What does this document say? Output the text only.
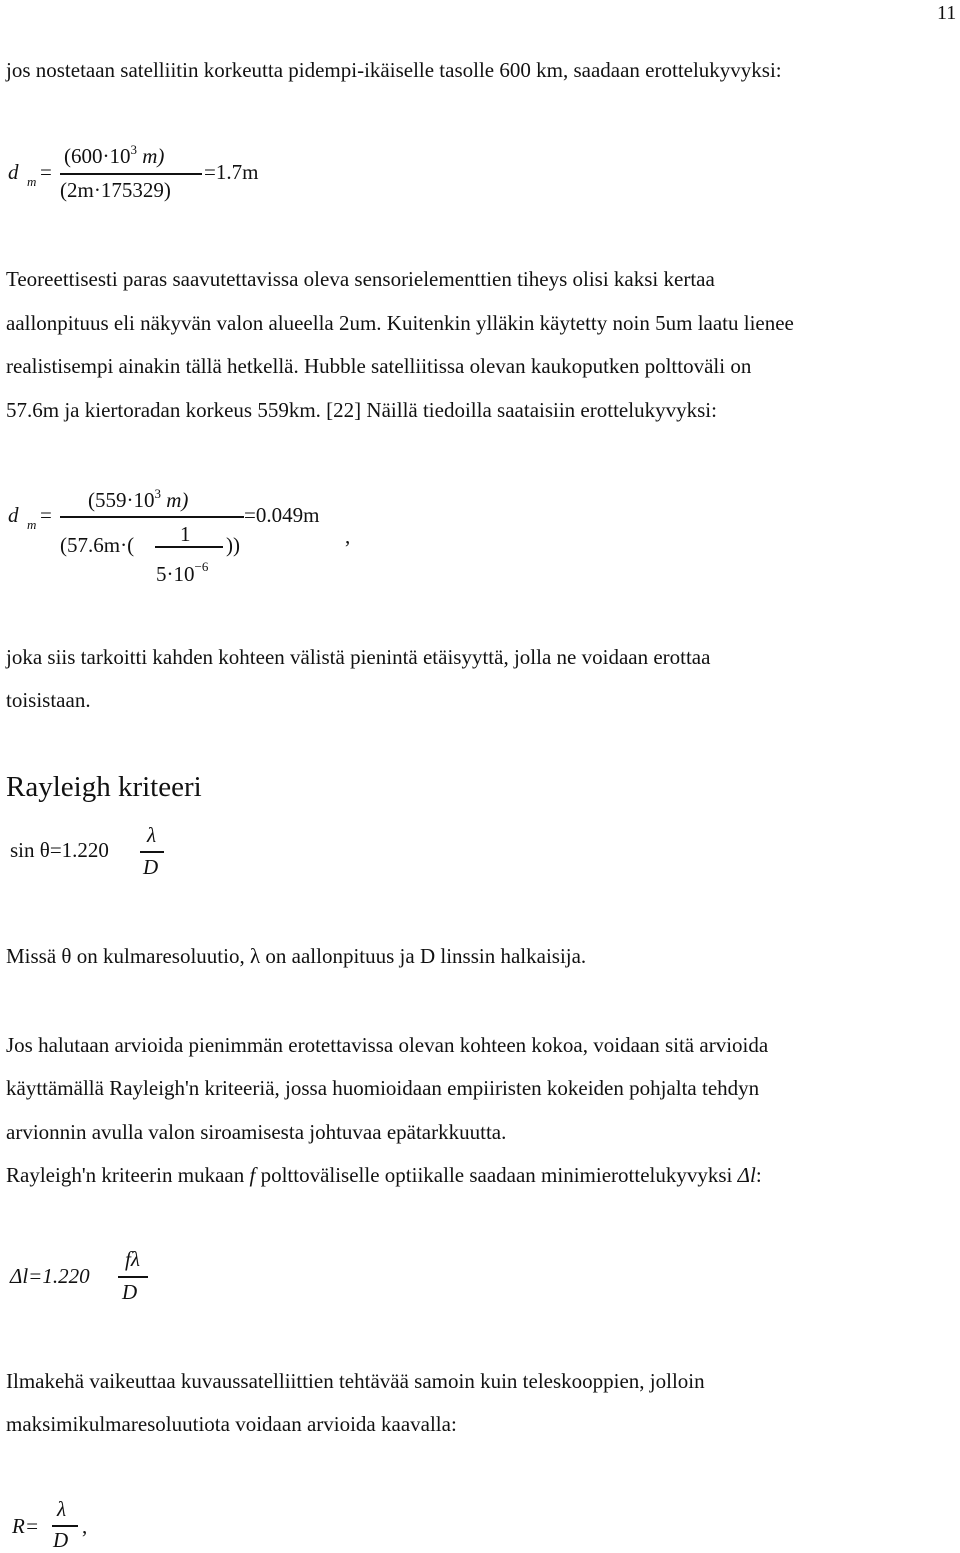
11
jos nostetaan satelliitin korkeutta pidempi-ikäiselle tasolle 600 km, saadaan erottelukyvyksi:
d m =
($600\cdot 10^3$ m)
(2m·175329)
=1.7m
Teoreettisesti paras saavutettavissa oleva sensorielementtien tiheys olisi kaksi kertaa
aallonpituus eli näkyvän valon alueella 2um. Kuitenkin ylläkin käytetty noin 5um laatu lienee
realistisempi ainakin tällä hetkellä. Hubble satelliitissa olevan kaukoputken polttoväli on
57.6m ja kiertoradan korkeus 559km. [22] Näillä tiedoilla saataisiin erottelukyvyksi:
d m =
($559\cdot 10^3$ m)
(57.6m·( 1 ))
$5\cdot 10^{-6}$
=0.049m
,
joka siis tarkoitti kahden kohteen välistä pienintä etäisyyttä, jolla ne voidaan erottaa
toisistaan.
Rayleigh kriteeri
sin θ=1.220
λ
D
Missä θ on kulmaresoluutio, λ on aallonpituus ja D linssin halkaisija.
Jos halutaan arvioida pienimmän erotettavissa olevan kohteen kokoa, voidaan sitä arvioida
käyttämällä Rayleigh'n kriteeriä, jossa huomioidaan empiiristen kokeiden pohjalta tehdyn
arvionnin avulla valon siroamisesta johtuvaa epätarkkuutta.
Rayleigh'n kriteerin mukaan f polttoväliselle optiikalle saadaan minimierottelukyvyksi Δl:
Δl=1.220
fλ
D
Ilmakehä vaikeuttaa kuvaussatelliittien tehtävää samoin kuin teleskooppien, jolloin
maksimikulmaresoluutiota voidaan arvioida kaavalla:
R=
λ
D
,
